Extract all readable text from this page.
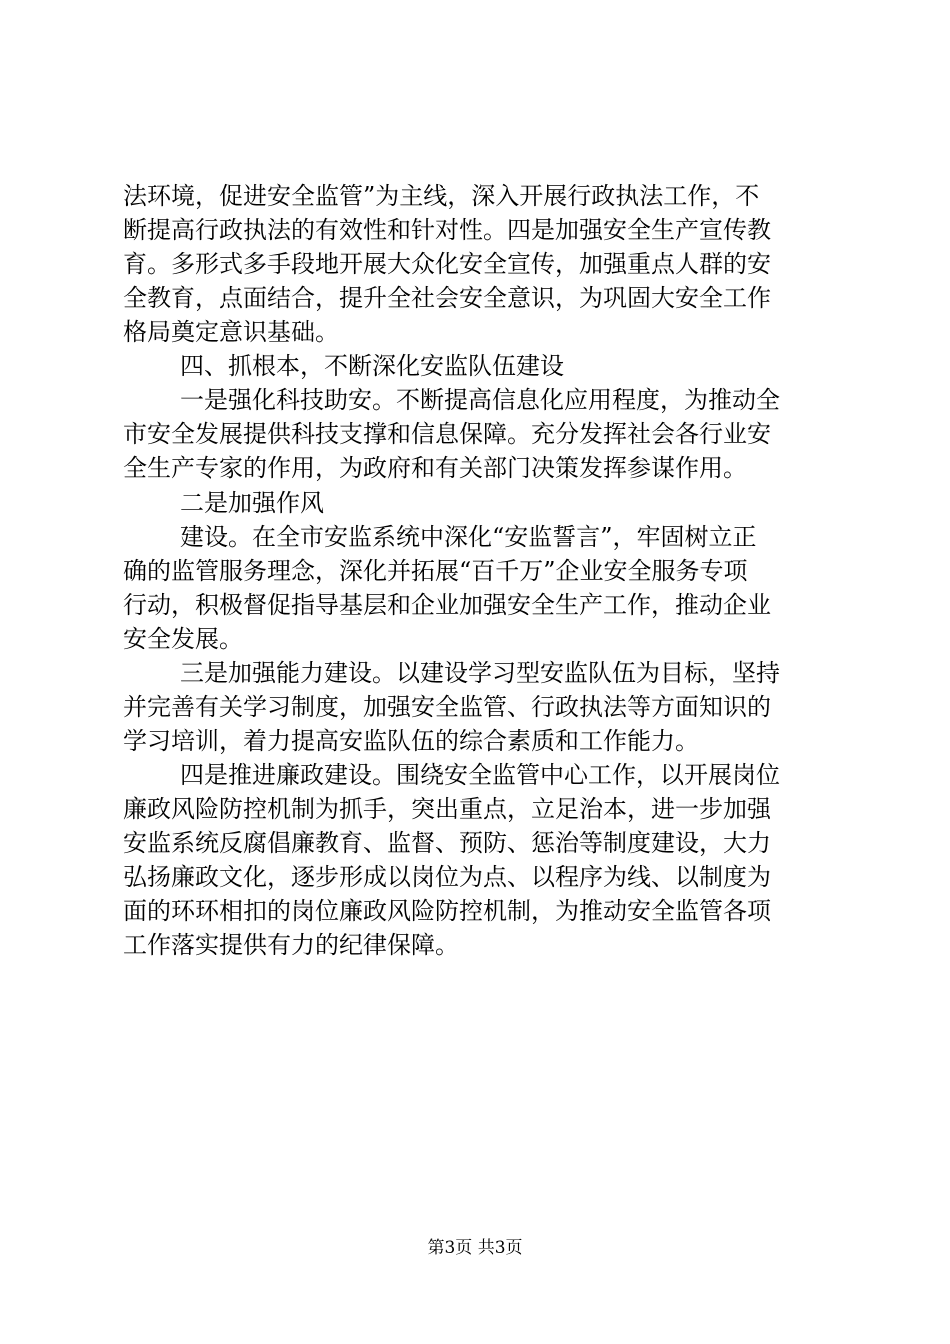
法环境，促进安全监管”为主线，深入开展行政执法工作，不
断提高行政执法的有效性和针对性。四是加强安全生产宣传教
育。多形式多手段地开展大众化安全宣传，加强重点人群的安
全教育，点面结合，提升全社会安全意识，为巩固大安全工作
格局奠定意识基础。
四、抓根本，不断深化安监队伍建设
一是强化科技助安。不断提高信息化应用程度，为推动全
市安全发展提供科技支撑和信息保障。充分发挥社会各行业安
全生产专家的作用，为政府和有关部门决策发挥参谋作用。
二是加强作风
建设。在全市安监系统中深化“安监誓言”，牢固树立正
确的监管服务理念，深化并拓展“百千万”企业安全服务专项
行动，积极督促指导基层和企业加强安全生产工作，推动企业
安全发展。
三是加强能力建设。以建设学习型安监队伍为目标，坚持
并完善有关学习制度，加强安全监管、行政执法等方面知识的
学习培训，着力提高安监队伍的综合素质和工作能力。
四是推进廉政建设。围绕安全监管中心工作，以开展岗位
廉政风险防控机制为抓手，突出重点，立足治本，进一步加强
安监系统反腐倡廉教育、监督、预防、惩治等制度建设，大力
弘扬廉政文化，逐步形成以岗位为点、以程序为线、以制度为
面的环环相扣的岗位廉政风险防控机制，为推动安全监管各项
工作落实提供有力的纪律保障。
第3页 共3页
